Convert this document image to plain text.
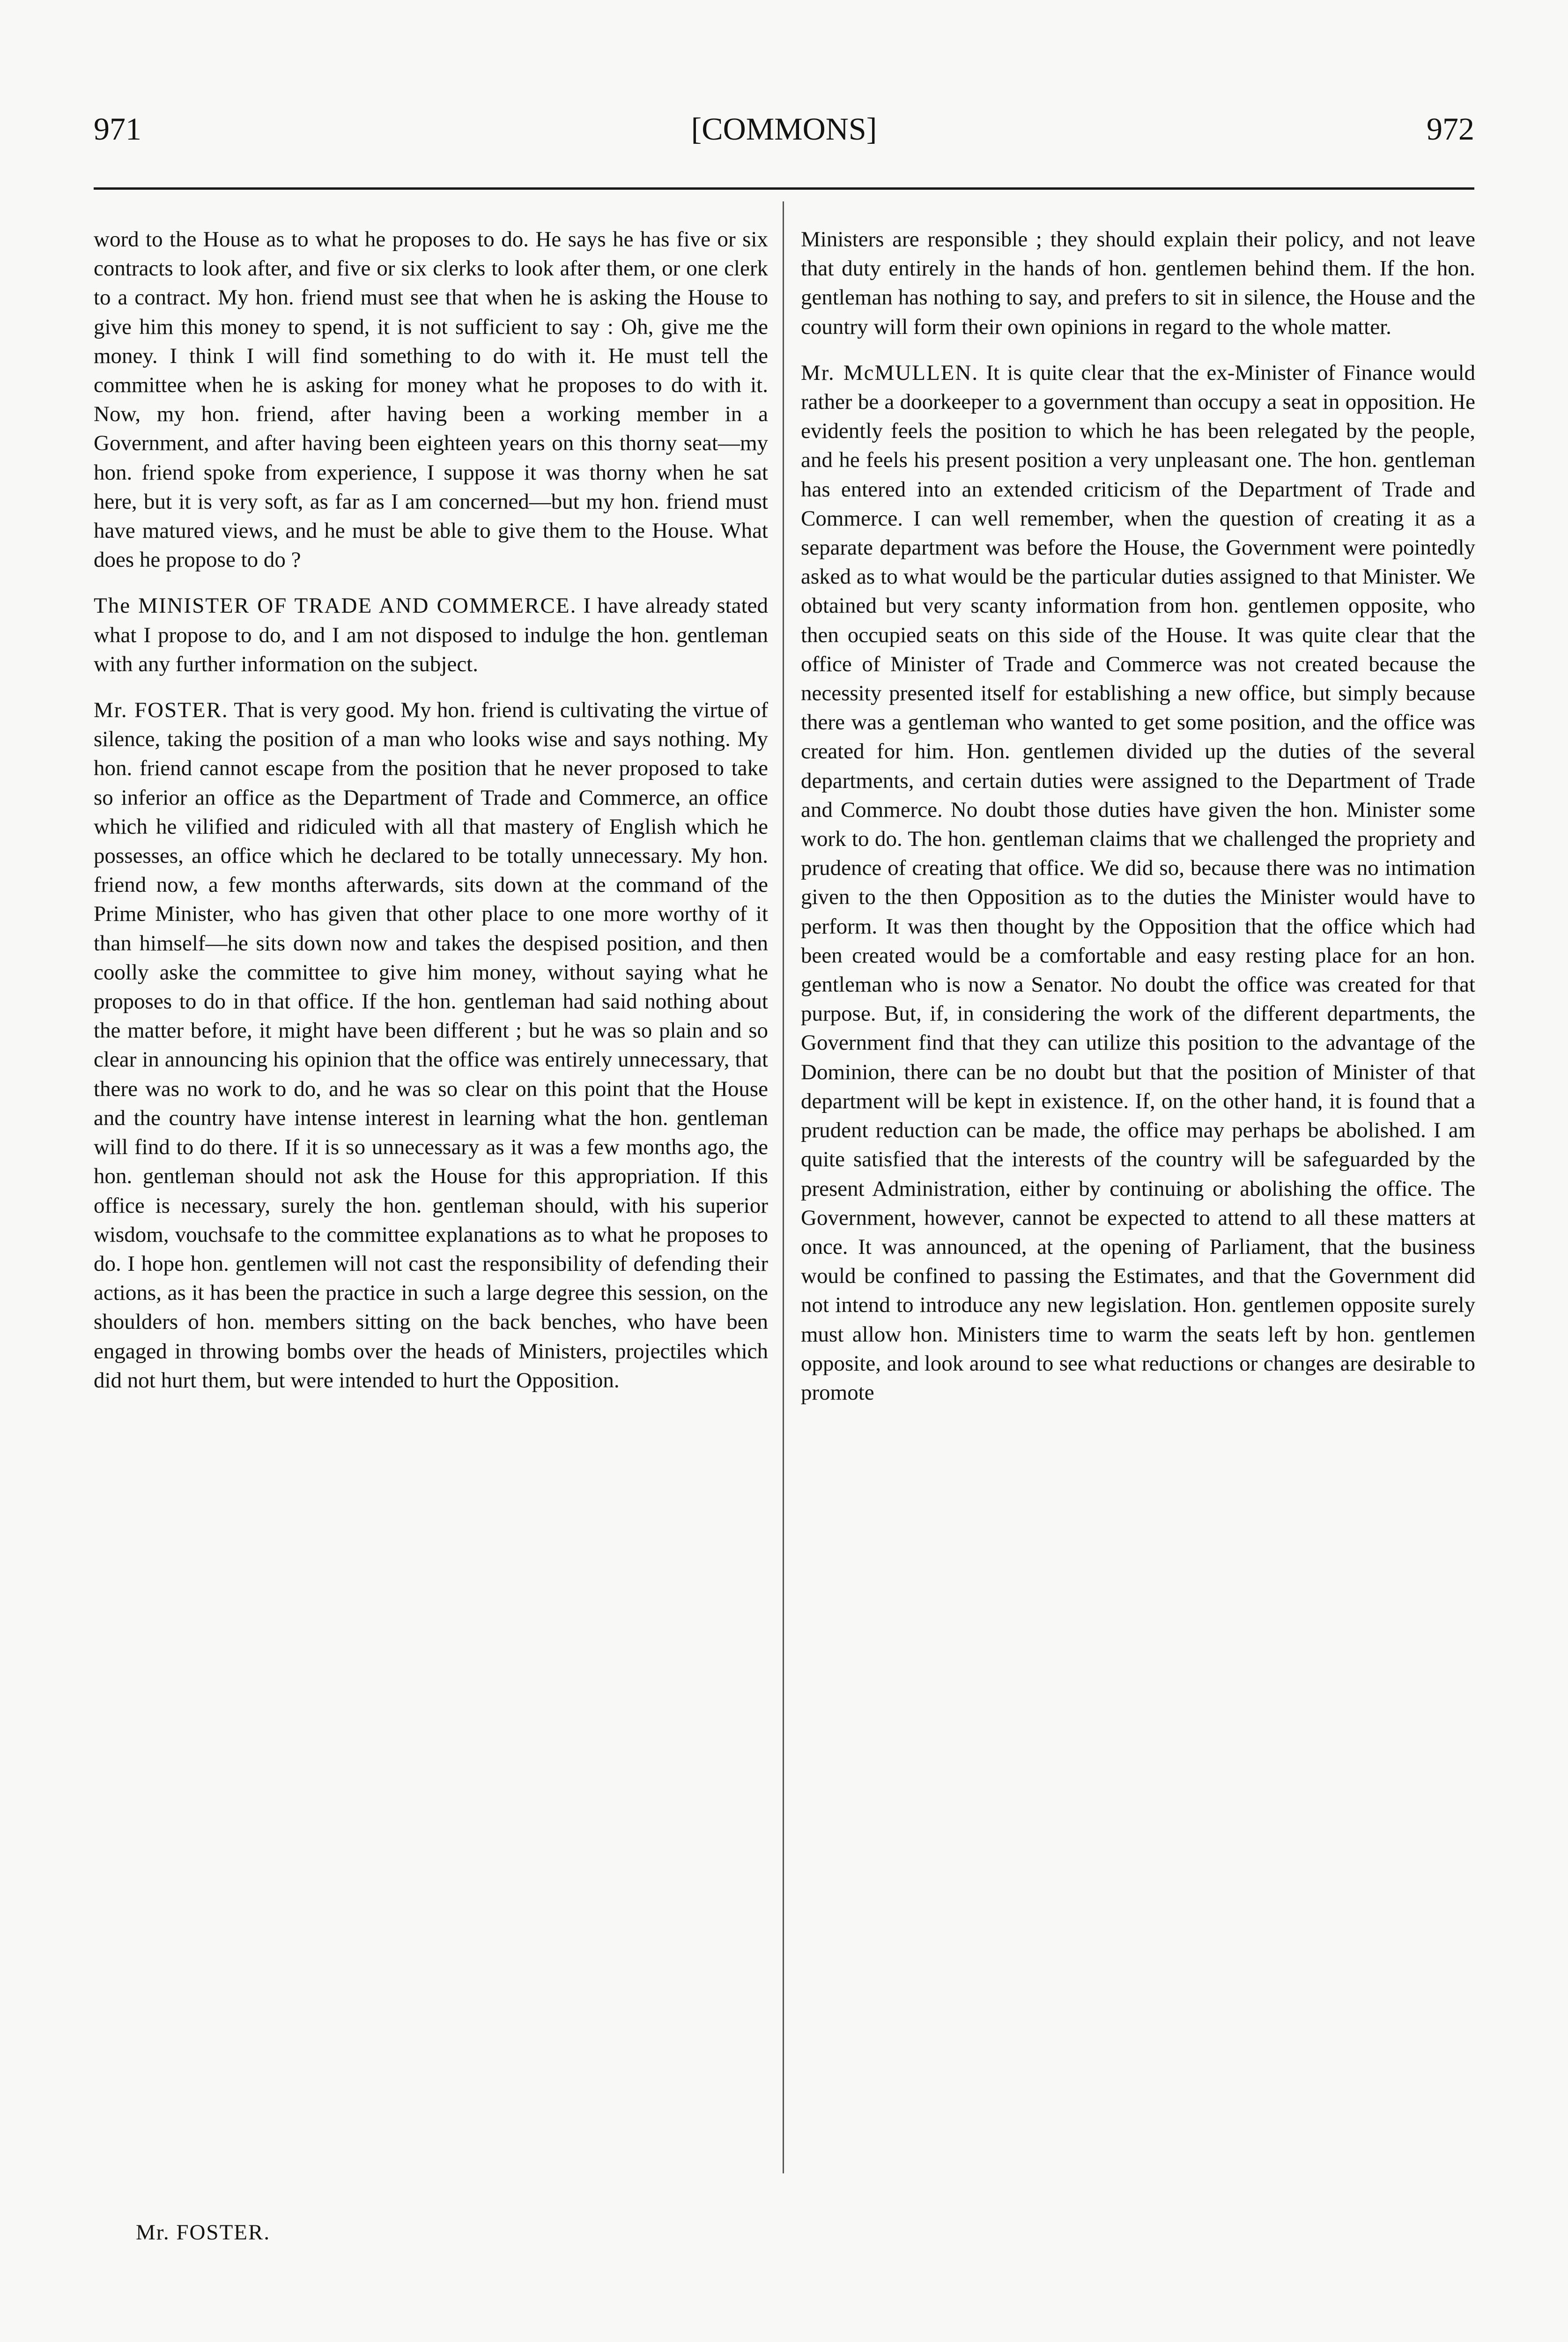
971	[COMMONS]	972

word to the House as to what he proposes to do. He says he has five or six contracts to look after, and five or six clerks to look after them, or one clerk to a contract. My hon. friend must see that when he is asking the House to give him this money to spend, it is not sufficient to say : Oh, give me the money. I think I will find something to do with it. He must tell the committee when he is asking for money what he proposes to do with it. Now, my hon. friend, after having been a working member in a Government, and after having been eighteen years on this thorny seat—my hon. friend spoke from experience, I suppose it was thorny when he sat here, but it is very soft, as far as I am concerned—but my hon. friend must have matured views, and he must be able to give them to the House. What does he propose to do ?

The MINISTER OF TRADE AND COMMERCE. I have already stated what I propose to do, and I am not disposed to indulge the hon. gentleman with any further information on the subject.

Mr. FOSTER. That is very good. My hon. friend is cultivating the virtue of silence, taking the position of a man who looks wise and says nothing. My hon. friend cannot escape from the position that he never proposed to take so inferior an office as the Department of Trade and Commerce, an office which he vilified and ridiculed with all that mastery of English which he possesses, an office which he declared to be totally unnecessary. My hon. friend now, a few months afterwards, sits down at the command of the Prime Minister, who has given that other place to one more worthy of it than himself—he sits down now and takes the despised position, and then coolly aske the committee to give him money, without saying what he proposes to do in that office. If the hon. gentleman had said nothing about the matter before, it might have been different ; but he was so plain and so clear in announcing his opinion that the office was entirely unnecessary, that there was no work to do, and he was so clear on this point that the House and the country have intense interest in learning what the hon. gentleman will find to do there. If it is so unnecessary as it was a few months ago, the hon. gentleman should not ask the House for this appropriation. If this office is necessary, surely the hon. gentleman should, with his superior wisdom, vouchsafe to the committee explanations as to what he proposes to do. I hope hon. gentlemen will not cast the responsibility of defending their actions, as it has been the practice in such a large degree this session, on the shoulders of hon. members sitting on the back benches, who have been engaged in throwing bombs over the heads of Ministers, projectiles which did not hurt them, but were intended to hurt the Opposition.

Ministers are responsible ; they should explain their policy, and not leave that duty entirely in the hands of hon. gentlemen behind them. If the hon. gentleman has nothing to say, and prefers to sit in silence, the House and the country will form their own opinions in regard to the whole matter.

Mr. McMULLEN. It is quite clear that the ex-Minister of Finance would rather be a doorkeeper to a government than occupy a seat in opposition. He evidently feels the position to which he has been relegated by the people, and he feels his present position a very unpleasant one. The hon. gentleman has entered into an extended criticism of the Department of Trade and Commerce. I can well remember, when the question of creating it as a separate department was before the House, the Government were pointedly asked as to what would be the particular duties assigned to that Minister. We obtained but very scanty information from hon. gentlemen opposite, who then occupied seats on this side of the House. It was quite clear that the office of Minister of Trade and Commerce was not created because the necessity presented itself for establishing a new office, but simply because there was a gentleman who wanted to get some position, and the office was created for him. Hon. gentlemen divided up the duties of the several departments, and certain duties were assigned to the Department of Trade and Commerce. No doubt those duties have given the hon. Minister some work to do. The hon. gentleman claims that we challenged the propriety and prudence of creating that office. We did so, because there was no intimation given to the then Opposition as to the duties the Minister would have to perform. It was then thought by the Opposition that the office which had been created would be a comfortable and easy resting place for an hon. gentleman who is now a Senator. No doubt the office was created for that purpose. But, if, in considering the work of the different departments, the Government find that they can utilize this position to the advantage of the Dominion, there can be no doubt but that the position of Minister of that department will be kept in existence. If, on the other hand, it is found that a prudent reduction can be made, the office may perhaps be abolished. I am quite satisfied that the interests of the country will be safeguarded by the present Administration, either by continuing or abolishing the office. The Government, however, cannot be expected to attend to all these matters at once. It was announced, at the opening of Parliament, that the business would be confined to passing the Estimates, and that the Government did not intend to introduce any new legislation. Hon. gentlemen opposite surely must allow hon. Ministers time to warm the seats left by hon. gentlemen opposite, and look around to see what reductions or changes are desirable to promote

Mr. FOSTER.
